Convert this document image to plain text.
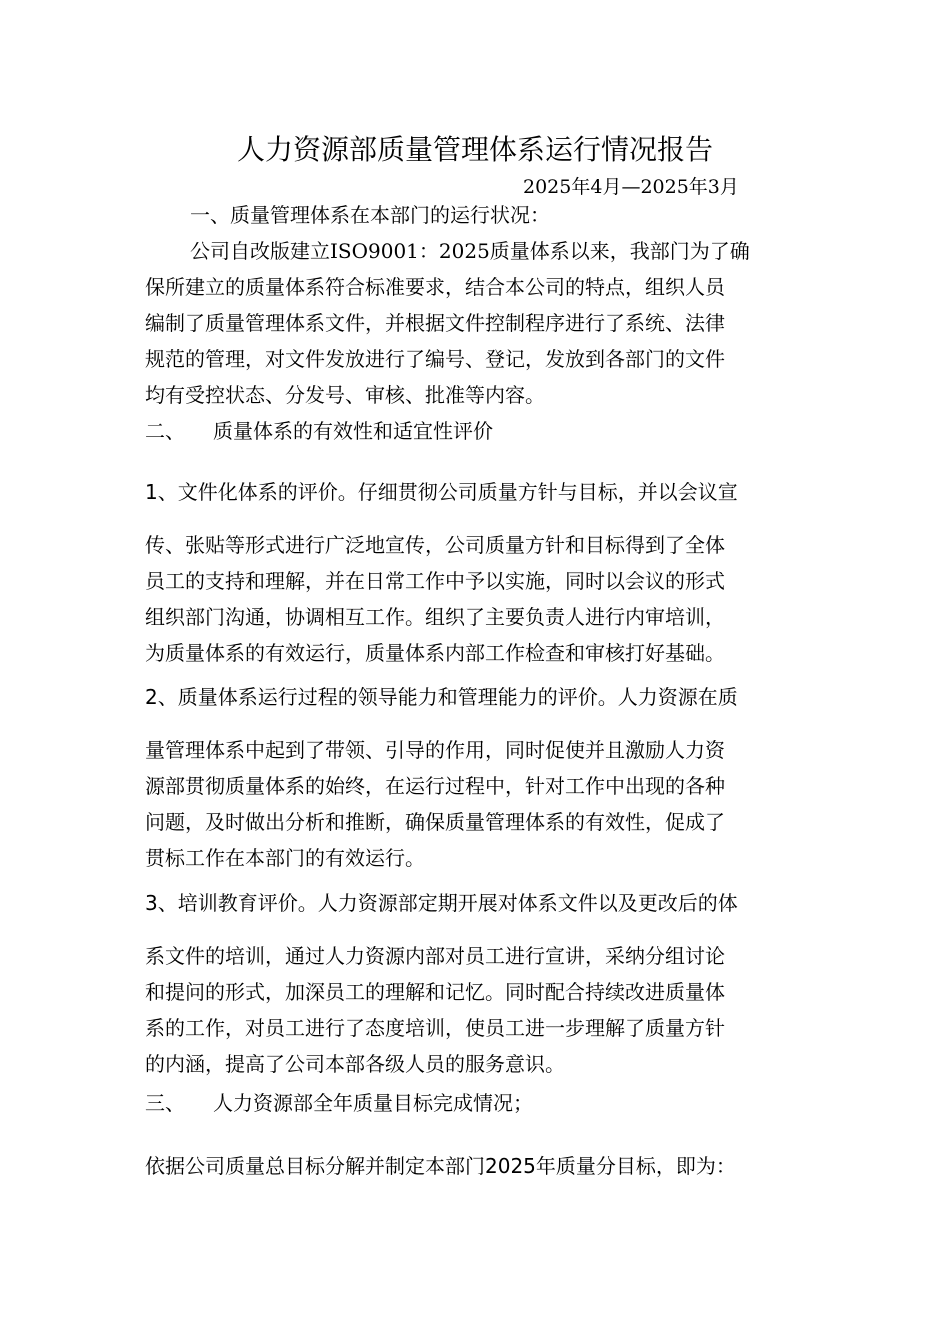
人力资源部质量管理体系运行情况报告
2025年4月—2025年3月
一、质量管理体系在本部门的运行状况：
公司自改版建立ISO9001：2025质量体系以来，我部门为了确
保所建立的质量体系符合标准要求，结合本公司的特点，组织人员
编制了质量管理体系文件，并根据文件控制程序进行了系统、法律
规范的管理，对文件发放进行了编号、登记，发放到各部门的文件
均有受控状态、分发号、审核、批准等内容。
二、 质量体系的有效性和适宜性评价
1、文件化体系的评价。仔细贯彻公司质量方针与目标，并以会议宣
传、张贴等形式进行广泛地宣传，公司质量方针和目标得到了全体
员工的支持和理解，并在日常工作中予以实施，同时以会议的形式
组织部门沟通，协调相互工作。组织了主要负责人进行内审培训，
为质量体系的有效运行，质量体系内部工作检查和审核打好基础。
2、质量体系运行过程的领导能力和管理能力的评价。人力资源在质
量管理体系中起到了带领、引导的作用，同时促使并且激励人力资
源部贯彻质量体系的始终，在运行过程中，针对工作中出现的各种
问题，及时做出分析和推断，确保质量管理体系的有效性，促成了
贯标工作在本部门的有效运行。
3、培训教育评价。人力资源部定期开展对体系文件以及更改后的体
系文件的培训，通过人力资源内部对员工进行宣讲，采纳分组讨论
和提问的形式，加深员工的理解和记忆。同时配合持续改进质量体
系的工作，对员工进行了态度培训，使员工进一步理解了质量方针
的内涵，提高了公司本部各级人员的服务意识。
三、 人力资源部全年质量目标完成情况；
依据公司质量总目标分解并制定本部门2025年质量分目标，即为：
